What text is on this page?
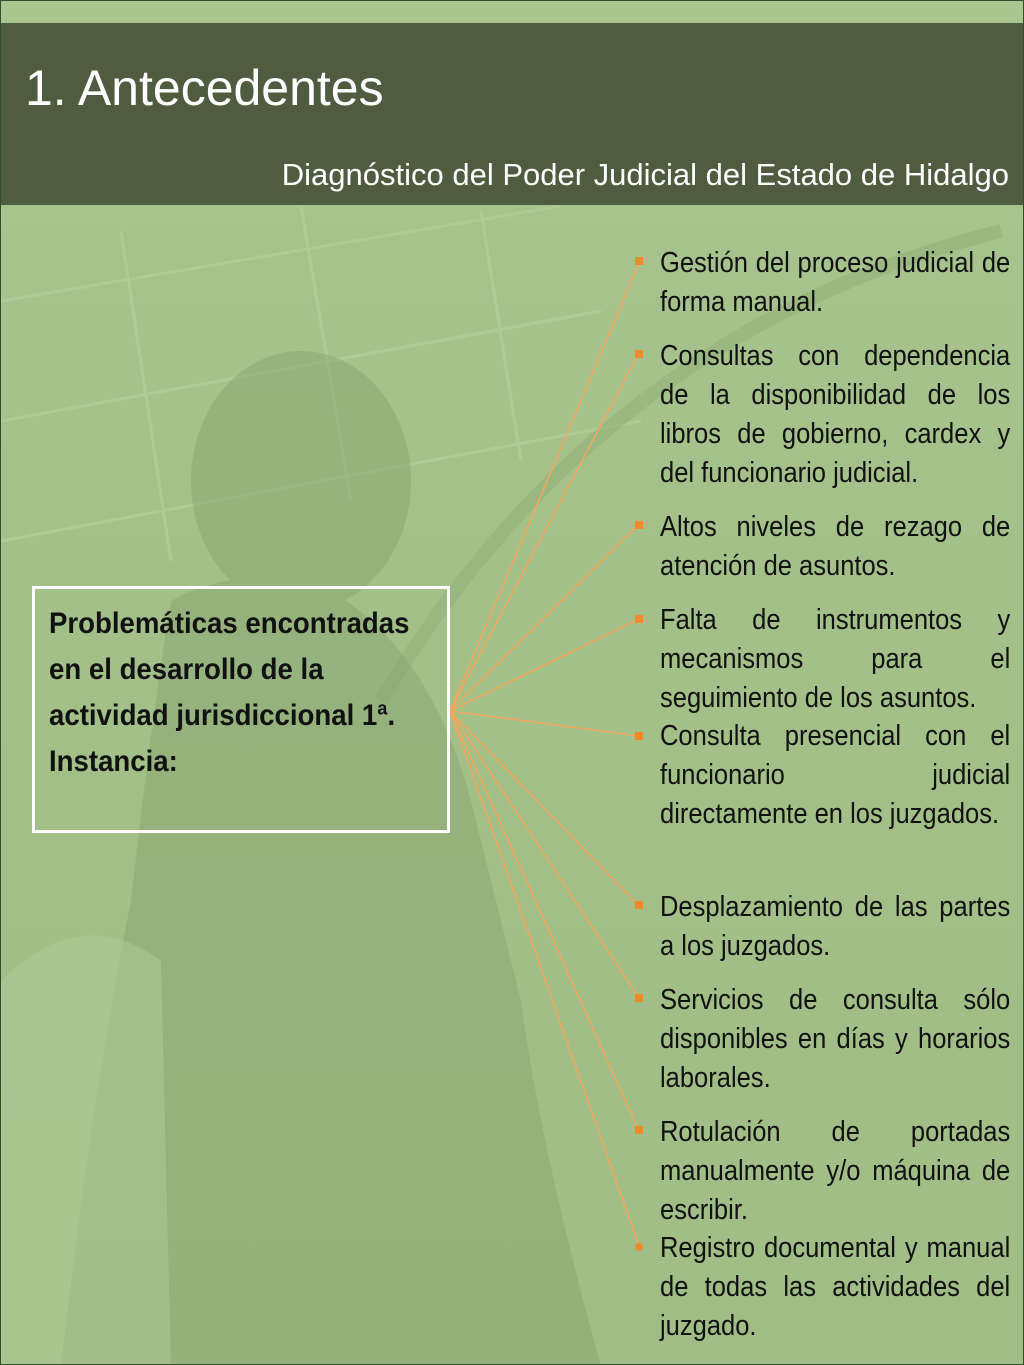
1. Antecedentes
Diagnóstico del Poder Judicial del Estado de Hidalgo
Problemáticas encontradas en el desarrollo de la actividad jurisdiccional 1ª. Instancia:
Gestión del proceso judicial de forma manual.
Consultas con dependencia de la disponibilidad de los libros de gobierno, cardex y del funcionario judicial.
Altos niveles de rezago de atención de asuntos.
Falta de instrumentos y mecanismos para el seguimiento de los asuntos.
Consulta presencial con el funcionario judicial directamente en los juzgados.
Desplazamiento de las partes a los juzgados.
Servicios de consulta sólo disponibles en días y horarios laborales.
Rotulación de portadas manualmente y/o máquina de escribir.
Registro documental y manual de todas las actividades del juzgado.
